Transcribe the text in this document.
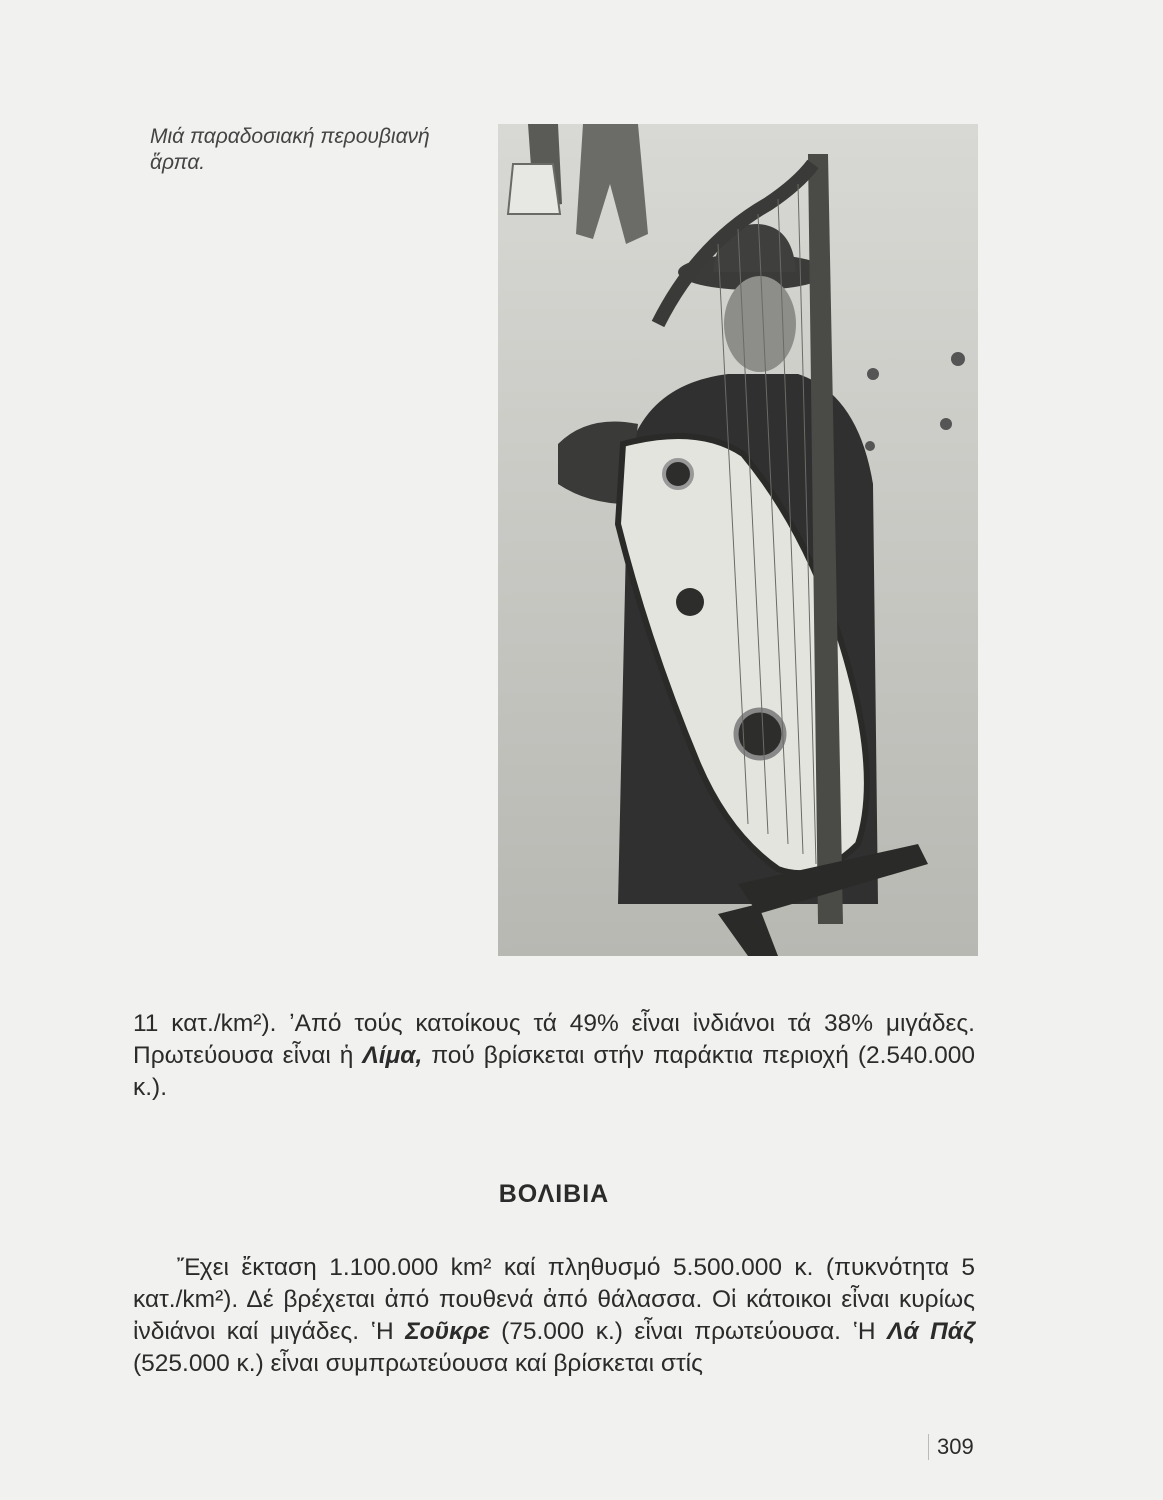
Μιά παραδοσιακή περουβιανή
ἅρπα.

11 κατ./km²). ʼΑπό τούς κατοίκους τά 49% εἶναι ἰνδιάνοι τά 38% μιγάδες. Πρωτεύουσα εἶναι ἡ Λίμα, πού βρίσκεται στήν παράκτια περιοχή (2.540.000 κ.).

ΒΟΛΙΒΙΑ

Ἔχει ἔκταση 1.100.000 km² καί πληθυσμό 5.500.000 κ. (πυκνότητα 5 κατ./km²). Δέ βρέχεται ἀπό πουθενά ἀπό θάλασσα. Οἱ κάτοικοι εἶναι κυρίως ἰνδιάνοι καί μιγάδες. ʽΗ Σοῦκρε (75.000 κ.) εἶναι πρωτεύουσα. ʽΗ Λά Πάζ (525.000 κ.) εἶναι συμπρωτεύουσα καί βρίσκεται στίς

309
